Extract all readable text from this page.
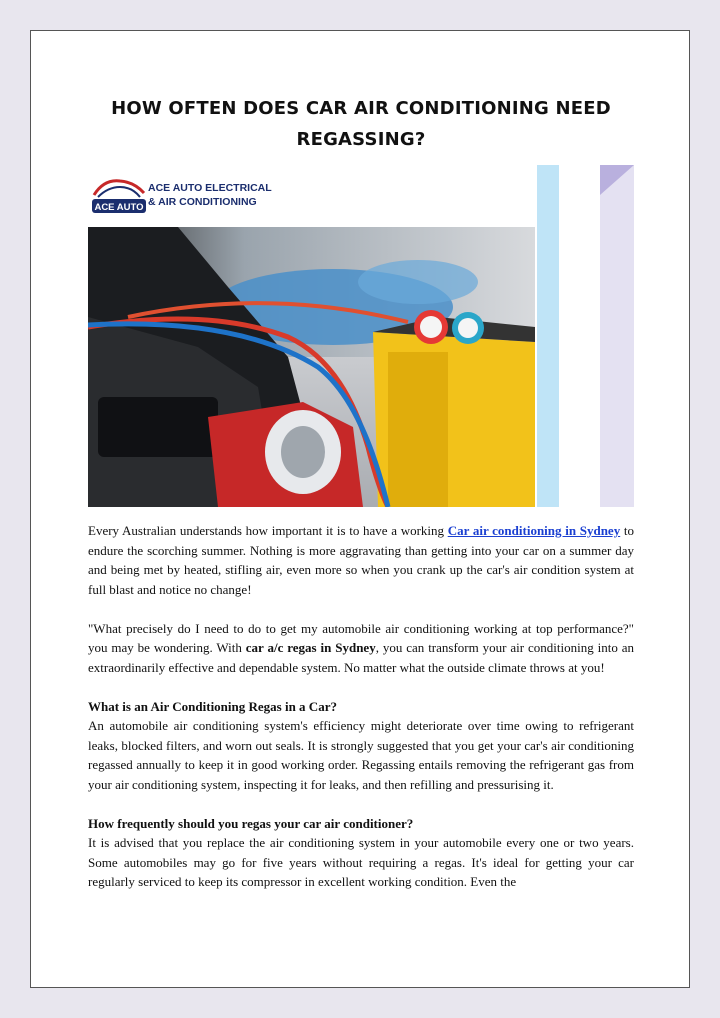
HOW OFTEN DOES CAR AIR CONDITIONING NEED REGASSING?
ACE AUTO
ACE AUTO ELECTRICAL
& AIR CONDITIONING

Every Australian understands how important it is to have a working Car air conditioning in Sydney to endure the scorching summer. Nothing is more aggravating than getting into your car on a summer day and being met by heated, stifling air, even more so when you crank up the car's air condition system at full blast and notice no change!

"What precisely do I need to do to get my automobile air conditioning working at top performance?" you may be wondering. With car a/c regas in Sydney, you can transform your air conditioning into an extraordinarily effective and dependable system. No matter what the outside climate throws at you!

What is an Air Conditioning Regas in a Car?

An automobile air conditioning system's efficiency might deteriorate over time owing to refrigerant leaks, blocked filters, and worn out seals. It is strongly suggested that you get your car's air conditioning regassed annually to keep it in good working order. Regassing entails removing the refrigerant gas from your air conditioning system, inspecting it for leaks, and then refilling and pressurising it.

How frequently should you regas your car air conditioner?

It is advised that you replace the air conditioning system in your automobile every one or two years. Some automobiles may go for five years without requiring a regas. It's ideal for getting your car regularly serviced to keep its compressor in excellent working condition. Even the
